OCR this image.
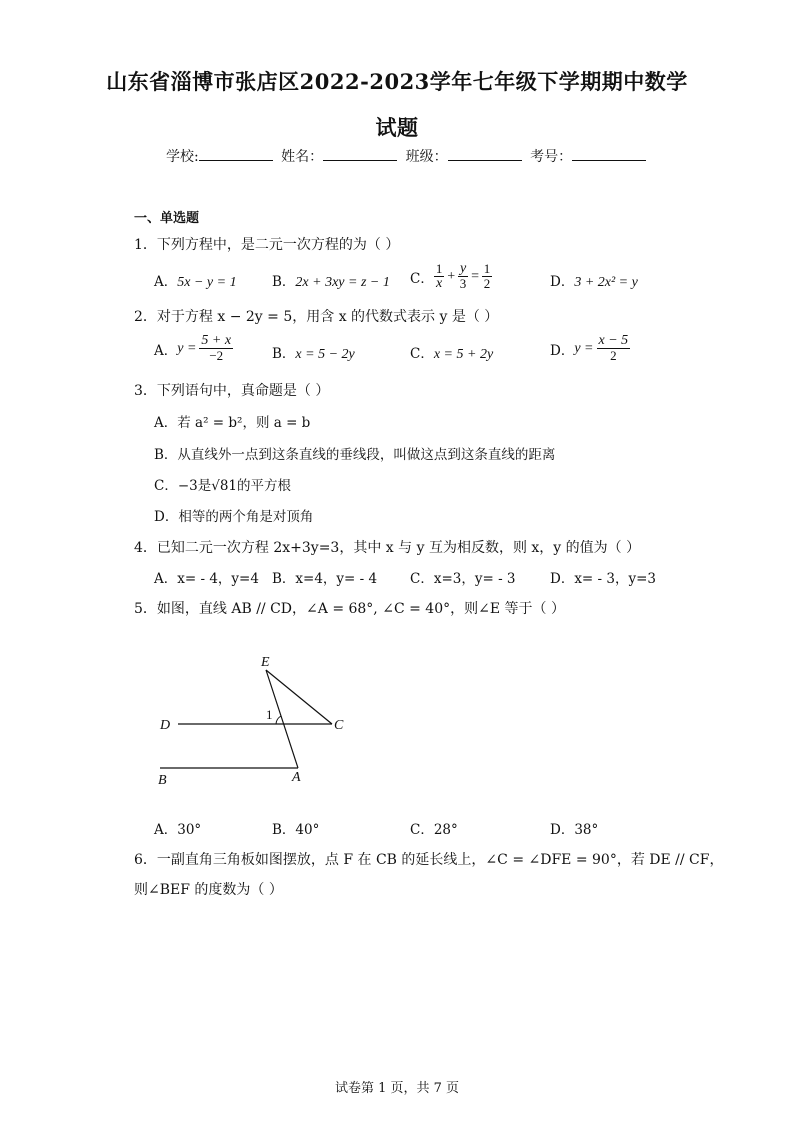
山东省淄博市张店区2022-2023学年七年级下学期期中数学
试题
学校:	姓名：	班级：	考号：
一、单选题
1．下列方程中，是二元一次方程的为（ ）
A．5x − y = 1	B．2x + 3xy = z − 1 C． $\frac{1}{x} + \frac{y}{3} = \frac{1}{2}$	D．3 + 2x² = y
2．对于方程 x − 2y = 5，用含 x 的代数式表示 y 是（ ）
A． $y = \frac{5 + x}{-2}$	B．x = 5 − 2y	C．x = 5 + 2y	D． $y = \frac{x - 5}{2}$
3．下列语句中，真命题是（ ）
A．若 a² = b²，则 a = b
B．从直线外一点到这条直线的垂线段，叫做这点到这条直线的距离
C．−3是√81的平方根
D．相等的两个角是对顶角
4．已知二元一次方程 2x+3y=3，其中 x 与 y 互为相反数，则 x，y 的值为（ ）
A．x= - 4，y=4 B．x=4，y= - 4 C．x=3，y= - 3	D．x= - 3，y=3
5．如图，直线 AB // CD，∠A = 68°, ∠C = 40°，则∠E 等于（ ）
E
D	C
B	A
1
A．30°	B．40°	C．28°	D．38°
6．一副直角三角板如图摆放，点 F 在 CB 的延长线上，∠C = ∠DFE = 90°，若 DE // CF，
则∠BEF 的度数为（ ）
试卷第 1 页，共 7 页
